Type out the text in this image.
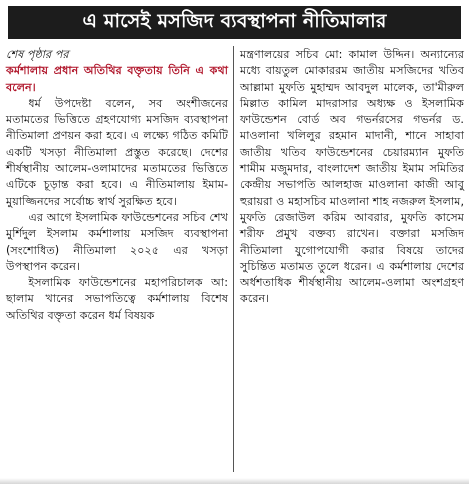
এ মাসেই মসজিদ ব্যবস্থাপনা নীতিমালার

শেষ পৃষ্ঠার পর

কর্মশালায় প্রধান অতিথির বক্তৃতায় তিনি এ কথা বলেন।

ধর্ম উপদেষ্টা বলেন, সব অংশীজনের মতামতের ভিত্তিতে গ্রহণযোগ্য মসজিদ ব্যবস্থাপনা নীতিমালা প্রণয়ন করা হবে। এ লক্ষ্যে গঠিত কমিটি একটি খসড়া নীতিমালা প্রস্তুত করেছে। দেশের শীর্ষস্থানীয় আলেম-ওলামাদের মতামতের ভিত্তিতে এটিকে চূড়ান্ত করা হবে। এ নীতিমালায় ইমাম-মুয়াজ্জিনদের সর্বোচ্চ স্বার্থ সুরক্ষিত হবে।

এর আগে ইসলামিক ফাউন্ডেশনের সচিব শেখ মুর্শিদুল ইসলাম কর্মশালায় মসজিদ ব্যবস্থাপনা (সংশোধিত) নীতিমালা ২০২৫ এর খসড়া উপস্থাপন করেন।

ইসলামিক ফাউন্ডেশনের মহাপরিচালক আ: ছালাম খানের সভাপতিত্বে কর্মশালায় বিশেষ অতিথির বক্তৃতা করেন ধর্ম বিষয়ক

মন্ত্রণালয়ের সচিব মো: কামাল উদ্দিন। অন্যান্যের মধ্যে বায়তুল মোকাররম জাতীয় মসজিদের খতিব আল্লামা মুফতি মুহাম্মদ আবদুল মালেক, তা'মীরুল মিল্লাত কামিল মাদরাসার অধ্যক্ষ ও ইসলামিক ফাউন্ডেশন বোর্ড অব গভর্নরসের গভর্নর ড. মাওলানা খলিলুর রহমান মাদানী, শানে সাহাবা জাতীয় খতিব ফাউন্ডেশনের চেয়ারম্যান মুফতি শামীম মজুমদার, বাংলাদেশ জাতীয় ইমাম সমিতির কেন্দ্রীয় সভাপতি আলহাজ মাওলানা কাজী আবু হুরায়রা ও মহাসচিব মাওলানা শাহ নজরুল ইসলাম, মুফতি রেজাউল করিম আবরার, মুফতি কাসেম শরীফ প্রমুখ বক্তব্য রাখেন। বক্তারা মসজিদ নীতিমালা যুগোপযোগী করার বিষয়ে তাদের সুচিন্তিত মতামত তুলে ধরেন। এ কর্মশালায় দেশের অর্ধশতাধিক শীর্ষস্থানীয় আলেম-ওলামা অংশগ্রহণ করেন।
